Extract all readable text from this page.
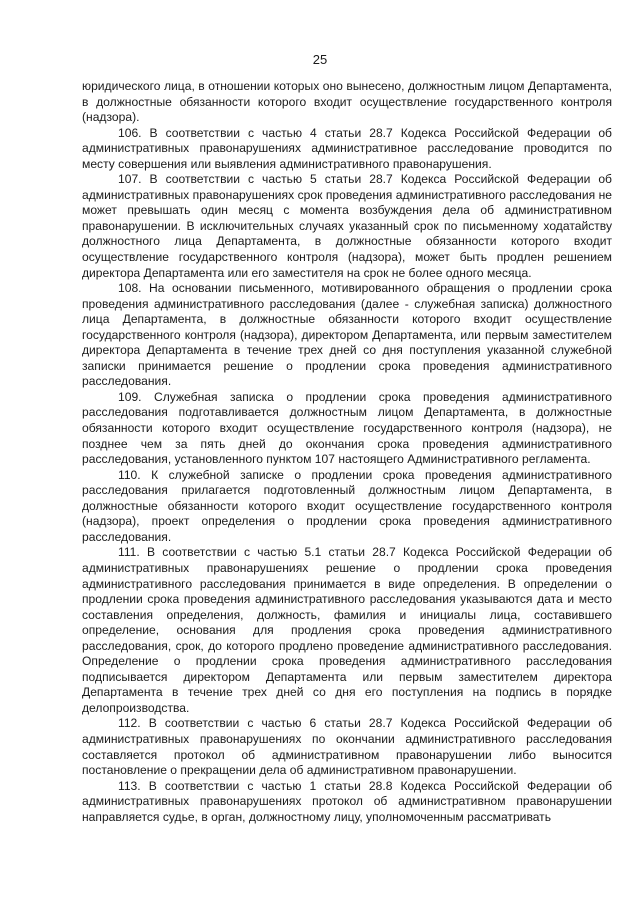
25

юридического лица, в отношении которых оно вынесено, должностным лицом Департамента, в должностные обязанности которого входит осуществление государственного контроля (надзора).

106. В соответствии с частью 4 статьи 28.7 Кодекса Российской Федерации об административных правонарушениях административное расследование проводится по месту совершения или выявления административного правонарушения.

107. В соответствии с частью 5 статьи 28.7 Кодекса Российской Федерации об административных правонарушениях срок проведения административного расследования не может превышать один месяц с момента возбуждения дела об административном правонарушении. В исключительных случаях указанный срок по письменному ходатайству должностного лица Департамента, в должностные обязанности которого входит осуществление государственного контроля (надзора), может быть продлен решением директора Департамента или его заместителя на срок не более одного месяца.

108. На основании письменного, мотивированного обращения о продлении срока проведения административного расследования (далее - служебная записка) должностного лица Департамента, в должностные обязанности которого входит осуществление государственного контроля (надзора), директором Департамента, или первым заместителем директора Департамента в течение трех дней со дня поступления указанной служебной записки принимается решение о продлении срока проведения административного расследования.

109. Служебная записка о продлении срока проведения административного расследования подготавливается должностным лицом Департамента, в должностные обязанности которого входит осуществление государственного контроля (надзора), не позднее чем за пять дней до окончания срока проведения административного расследования, установленного пунктом 107 настоящего Административного регламента.

110. К служебной записке о продлении срока проведения административного расследования прилагается подготовленный должностным лицом Департамента, в должностные обязанности которого входит осуществление государственного контроля (надзора), проект определения о продлении срока проведения административного расследования.

111. В соответствии с частью 5.1 статьи 28.7 Кодекса Российской Федерации об административных правонарушениях решение о продлении срока проведения административного расследования принимается в виде определения. В определении о продлении срока проведения административного расследования указываются дата и место составления определения, должность, фамилия и инициалы лица, составившего определение, основания для продления срока проведения административного расследования, срок, до которого продлено проведение административного расследования. Определение о продлении срока проведения административного расследования подписывается директором Департамента или первым заместителем директора Департамента в течение трех дней со дня его поступления на подпись в порядке делопроизводства.

112. В соответствии с частью 6 статьи 28.7 Кодекса Российской Федерации об административных правонарушениях по окончании административного расследования составляется протокол об административном правонарушении либо выносится постановление о прекращении дела об административном правонарушении.

113. В соответствии с частью 1 статьи 28.8 Кодекса Российской Федерации об административных правонарушениях протокол об административном правонарушении направляется судье, в орган, должностному лицу, уполномоченным рассматривать
